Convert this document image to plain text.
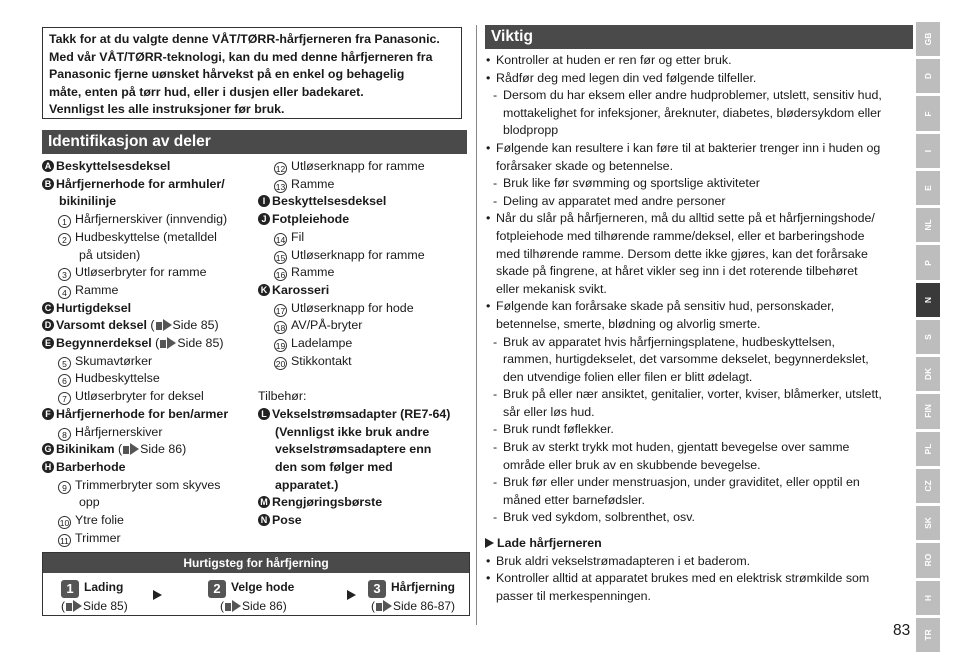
Takk for at du valgte denne VÅT/TØRR-hårfjerneren fra Panasonic.

Med vår VÅT/TØRR-teknologi, kan du med denne hårfjerneren fra

Panasonic fjerne uønsket hårvekst på en enkel og behagelig

måte, enten på tørr hud, eller i dusjen eller badekaret.

Vennligst les alle instruksjoner før bruk.

Identifikasjon av deler
A Beskyttelsesdeksel
B Hårfjernerhode for armhuler/
bikinilinje
1 Hårfjernerskiver (innvendig)
2 Hudbeskyttelse (metalldel
på utsiden)
3 Utløserbryter for ramme
4 Ramme
C Hurtigdeksel
D Varsomt deksel ( Side 85)
E Begynnerdeksel ( Side 85)
5 Skumavtørker
6 Hudbeskyttelse
7 Utløserbryter for deksel
F Hårfjernerhode for ben/armer
8 Hårfjernerskiver
G Bikinikam ( Side 86)
H Barberhode
9 Trimmerbryter som skyves
opp
10 Ytre folie
11 Trimmer
12 Utløserknapp for ramme
13 Ramme
I Beskyttelsesdeksel
J Fotpleiehode
14 Fil
15 Utløserknapp for ramme
16 Ramme
K Karosseri
17 Utløserknapp for hode
18 AV/PÅ-bryter
19 Ladelampe
20 Stikkontakt
Tilbehør:
L Vekselstrømsadapter (RE7-64)
(Vennligst ikke bruk andre
vekselstrømsadaptere enn
den som følger med
apparatet.)
M Rengjøringsbørste
N Pose
Hurtigsteg for hårfjerning
1 Lading
( Side 85)
2 Velge hode
( Side 86)
3 Hårfjerning
( Side 86-87)
Viktig
• Kontroller at huden er ren før og etter bruk.
• Rådfør deg med legen din ved følgende tilfeller.
- Dersom du har eksem eller andre hudproblemer, utslett, sensitiv hud,
mottakelighet for infeksjoner, åreknuter, diabetes, blødersykdom eller
blodpropp
• Følgende kan resultere i kan føre til at bakterier trenger inn i huden og
forårsaker skade og betennelse.
- Bruk like før svømming og sportslige aktiviteter
- Deling av apparatet med andre personer
• Når du slår på hårfjerneren, må du alltid sette på et hårfjerningshode/
fotpleiehode med tilhørende ramme/deksel, eller et barberingshode
med tilhørende ramme. Dersom dette ikke gjøres, kan det forårsake
skade på fingrene, at håret vikler seg inn i det roterende tilbehøret
eller mekanisk svikt.
• Følgende kan forårsake skade på sensitiv hud, personskader,
betennelse, smerte, blødning og alvorlig smerte.
- Bruk av apparatet hvis hårfjerningsplatene, hudbeskyttelsen,
rammen, hurtigdekselet, det varsomme dekselet, begynnerdekslet,
den utvendige folien eller filen er blitt ødelagt.
- Bruk på eller nær ansiktet, genitalier, vorter, kviser, blåmerker, utslett,
sår eller løs hud.
- Bruk rundt føflekker.
- Bruk av sterkt trykk mot huden, gjentatt bevegelse over samme
område eller bruk av en skubbende bevegelse.
- Bruk før eller under menstruasjon, under graviditet, eller opptil en
måned etter barnefødsler.
- Bruk ved sykdom, solbrenthet, osv.
Lade hårfjerneren
• Bruk aldri vekselstrømadapteren i et baderom.
• Kontroller alltid at apparatet brukes med en elektrisk strømkilde som
passer til merkespenningen.
GB
D
F
I
E
NL
P
N
S
DK
FIN
PL
CZ
SK
RO
H
TR
83
